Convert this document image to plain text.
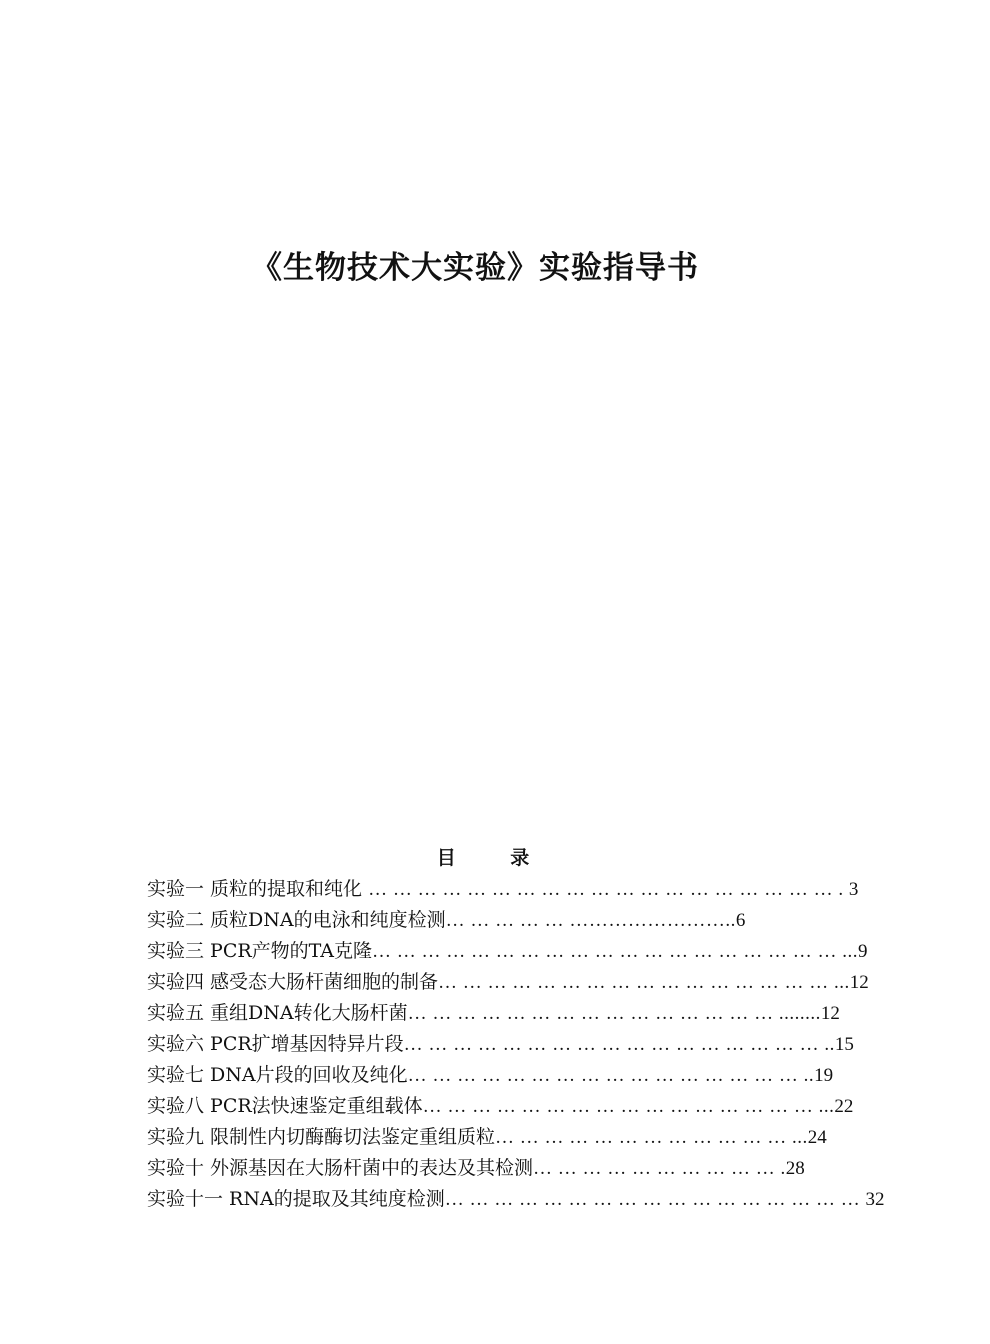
《生物技术大实验》实验指导书
目 录
实验一 质粒的提取和纯化 … … … … … … … … … … … … … … … … … … … . 3
实验二 质粒DNA的电泳和纯度检测… … … … … ……………………..6
实验三 PCR产物的TA克隆… … … … … … … … … … … … … … … … … … … ...9
实验四 感受态大肠杆菌细胞的制备… … … … … … … … … … … … … … … … ...12
实验五 重组DNA转化大肠杆菌… … … … … … … … … … … … … … … ........12
实验六 PCR扩增基因特异片段… … … … … … … … … … … … … … … … … ..15
实验七 DNA片段的回收及纯化… … … … … … … … … … … … … … … … ..19
实验八 PCR法快速鉴定重组载体… … … … … … … … … … … … … … … … ...22
实验九 限制性内切酶酶切法鉴定重组质粒… … … … … … … … … … … … ...24
实验十 外源基因在大肠杆菌中的表达及其检测… … … … … … … … … … .28
实验十一 RNA的提取及其纯度检测… … … … … … … … … … … … … … … … … 32
